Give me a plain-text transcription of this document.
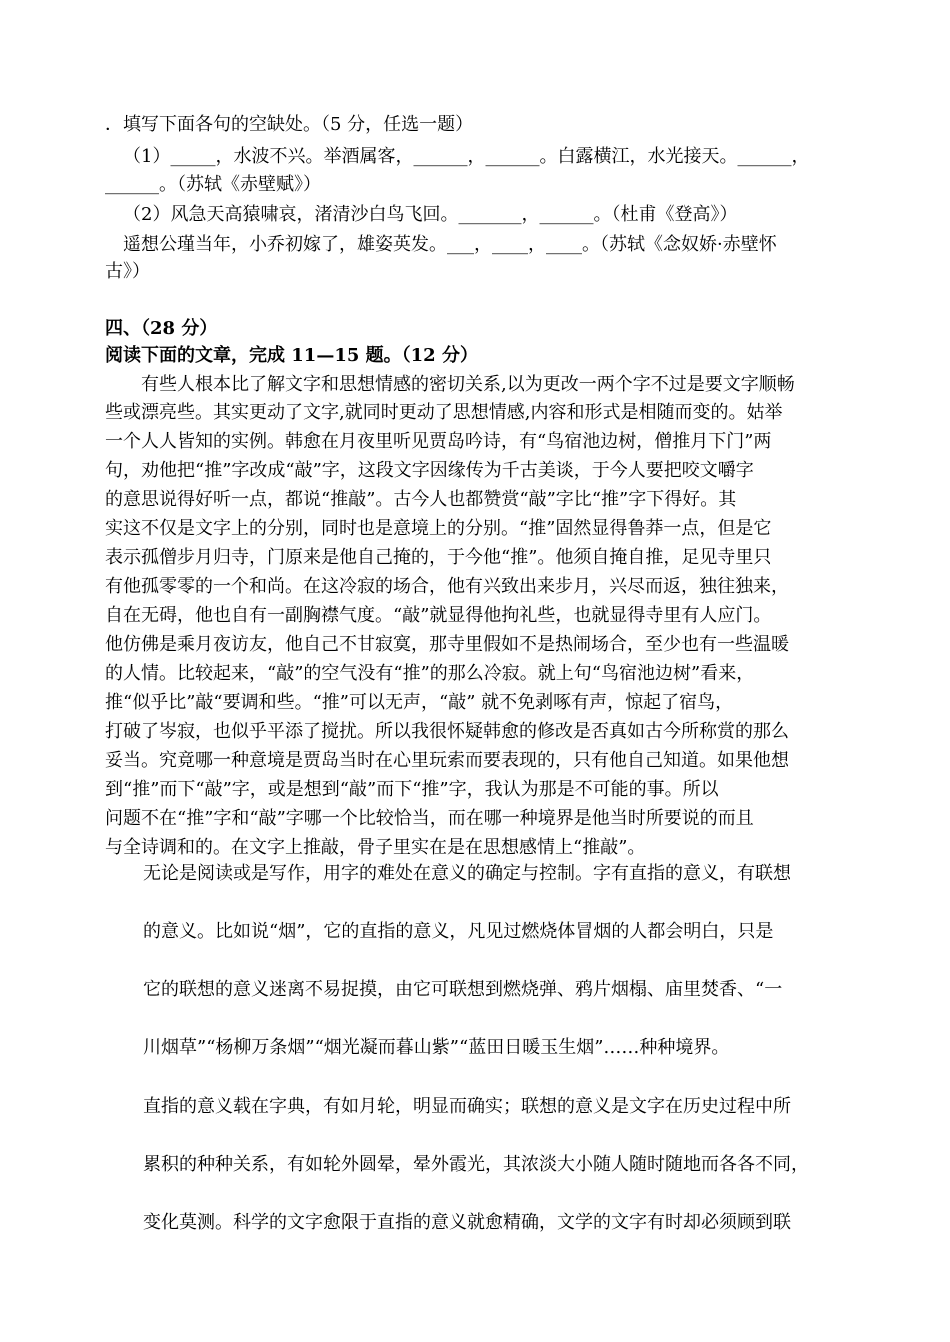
．填写下面各句的空缺处。（5 分，任选一题）
（1）_____，水波不兴。举酒属客，______，______。白露横江，水光接天。______，
______。（苏轼《赤壁赋》）
（2）风急天高猿啸哀，渚清沙白鸟飞回。_______，______。（杜甫《登高》）
遥想公瑾当年，小乔初嫁了，雄姿英发。___，____，____。（苏轼《念奴娇·赤壁怀
古》）
四、（28 分）
阅读下面的文章，完成 11—15 题。（12 分）
有些人根本比了解文字和思想情感的密切关系,以为更改一两个字不过是要文字顺畅
些或漂亮些。其实更动了文字,就同时更动了思想情感,内容和形式是相随而变的。姑举
一个人人皆知的实例。韩愈在月夜里听见贾岛吟诗，有“鸟宿池边树，僧推月下门”两
句，劝他把“推”字改成“敲”字，这段文字因缘传为千古美谈，于今人要把咬文嚼字
的意思说得好听一点，都说“推敲”。古今人也都赞赏“敲”字比“推”字下得好。其
实这不仅是文字上的分别，同时也是意境上的分别。“推”固然显得鲁莽一点，但是它
表示孤僧步月归寺，门原来是他自己掩的，于今他“推”。他须自掩自推，足见寺里只
有他孤零零的一个和尚。在这冷寂的场合，他有兴致出来步月，兴尽而返，独往独来，
自在无碍，他也自有一副胸襟气度。“敲”就显得他拘礼些，也就显得寺里有人应门。
他仿佛是乘月夜访友，他自己不甘寂寞，那寺里假如不是热闹场合，至少也有一些温暖
的人情。比较起来，“敲”的空气没有“推”的那么冷寂。就上句“鸟宿池边树”看来，
推“似乎比”敲“要调和些。“推”可以无声，“敲” 就不免剥啄有声，惊起了宿鸟，
打破了岑寂，也似乎平添了搅扰。所以我很怀疑韩愈的修改是否真如古今所称赏的那么
妥当。究竟哪一种意境是贾岛当时在心里玩索而要表现的，只有他自己知道。如果他想
到“推”而下“敲”字，或是想到“敲”而下“推”字，我认为那是不可能的事。所以
问题不在“推”字和“敲”字哪一个比较恰当，而在哪一种境界是他当时所要说的而且
与全诗调和的。在文字上推敲，骨子里实在是在思想感情上“推敲”。
无论是阅读或是写作，用字的难处在意义的确定与控制。字有直指的意义，有联想
的意义。比如说“烟”，它的直指的意义，凡见过燃烧体冒烟的人都会明白，只是
它的联想的意义迷离不易捉摸，由它可联想到燃烧弹、鸦片烟榻、庙里焚香、“一
川烟草”“杨柳万条烟”“烟光凝而暮山紫”“蓝田日暖玉生烟”……种种境界。
直指的意义载在字典，有如月轮，明显而确实；联想的意义是文字在历史过程中所
累积的种种关系，有如轮外圆晕，晕外霞光，其浓淡大小随人随时随地而各各不同，
变化莫测。科学的文字愈限于直指的意义就愈精确，文学的文字有时却必须顾到联
